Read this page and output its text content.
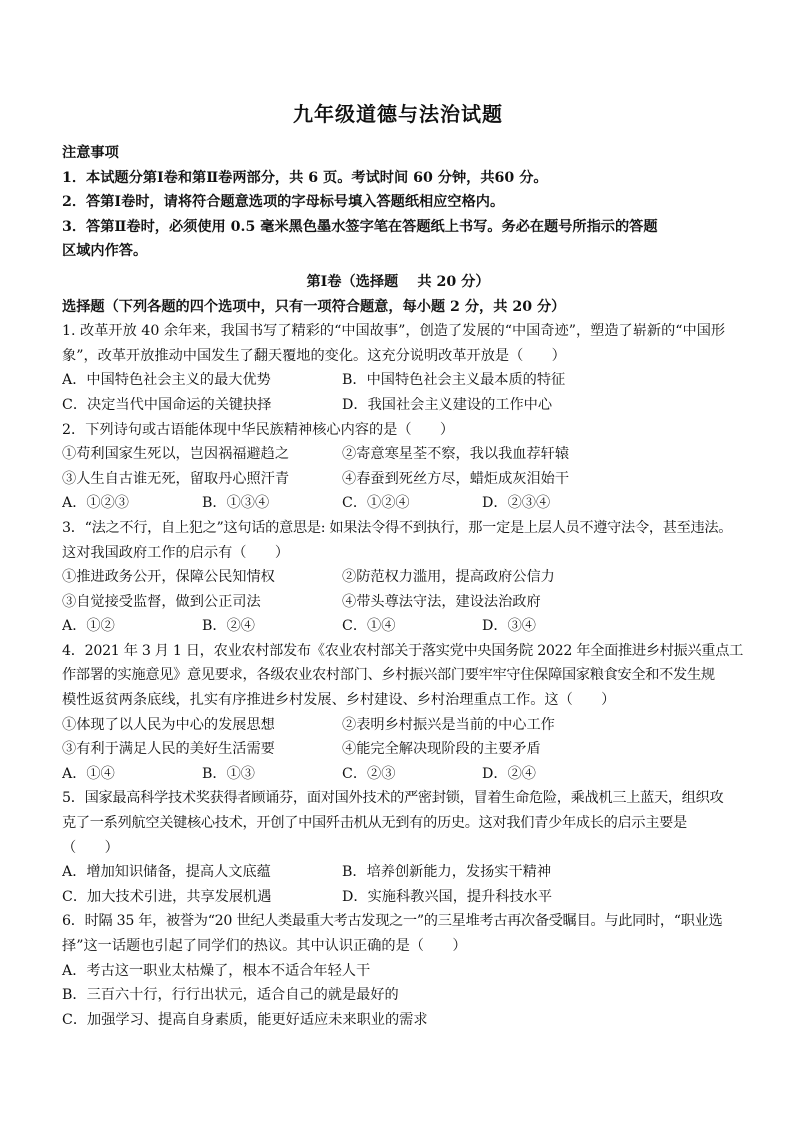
九年级道德与法治试题
注意事项
1．本试题分第Ⅰ卷和第Ⅱ卷两部分，共 6 页。考试时间 60 分钟，共60 分。
2．答第Ⅰ卷时，请将符合题意选项的字母标号填入答题纸相应空格内。
3．答第Ⅱ卷时，必须使用 0.5 毫米黑色墨水签字笔在答题纸上书写。务必在题号所指示的答题
区域内作答。
第Ⅰ卷（选择题　 共 20 分）
选择题（下列各题的四个选项中，只有一项符合题意，每小题 2 分，共 20 分）
1. 改革开放 40 余年来，我国书写了精彩的“中国故事”，创造了发展的“中国奇迹”，塑造了崭新的“中国形
象”，改革开放推动中国发生了翻天覆地的变化。这充分说明改革开放是（　　）
A．中国特色社会主义的最大优势	B．中国特色社会主义最本质的特征
C．决定当代中国命运的关键抉择	D．我国社会主义建设的工作中心
2．下列诗句或古语能体现中华民族精神核心内容的是（　　）
①苟利国家生死以，岂因祸福避趋之	②寄意寒星荃不察，我以我血荐轩辕
③人生自古谁无死，留取丹心照汗青	④春蚕到死丝方尽，蜡炬成灰泪始干
A．①②③	B．①③④	C．①②④	D．②③④
3．“法之不行，自上犯之”这句话的意思是: 如果法令得不到执行，那一定是上层人员不遵守法令，甚至违法。
这对我国政府工作的启示有（　　）
①推进政务公开，保障公民知情权	②防范权力滥用，提高政府公信力
③自觉接受监督，做到公正司法	④带头尊法守法，建设法治政府
A．①②	B．②④	C．①④	D．③④
4．2021 年 3 月 1 日，农业农村部发布《农业农村部关于落实党中央国务院 2022 年全面推进乡村振兴重点工
作部署的实施意见》意见要求，各级农业农村部门、乡村振兴部门要牢牢守住保障国家粮食安全和不发生规
模性返贫两条底线，扎实有序推进乡村发展、乡村建设、乡村治理重点工作。这（　　）
①体现了以人民为中心的发展思想	②表明乡村振兴是当前的中心工作
③有利于满足人民的美好生活需要	④能完全解决现阶段的主要矛盾
A．①④	B．①③	C．②③	D．②④
5．国家最高科学技术奖获得者顾诵芬，面对国外技术的严密封锁，冒着生命危险，乘战机三上蓝天，组织攻
克了一系列航空关键核心技术，开创了中国歼击机从无到有的历史。这对我们青少年成长的启示主要是
（　　）
A．增加知识储备，提高人文底蕴	B．培养创新能力，发扬实干精神
C．加大技术引进，共享发展机遇	D．实施科教兴国，提升科技水平
6．时隔 35 年，被誉为“20 世纪人类最重大考古发现之一”的三星堆考古再次备受瞩目。与此同时，“职业选
择”这一话题也引起了同学们的热议。其中认识正确的是（　　）
A．考古这一职业太枯燥了，根本不适合年轻人干
B．三百六十行，行行出状元，适合自己的就是最好的
C．加强学习、提高自身素质，能更好适应未来职业的需求
